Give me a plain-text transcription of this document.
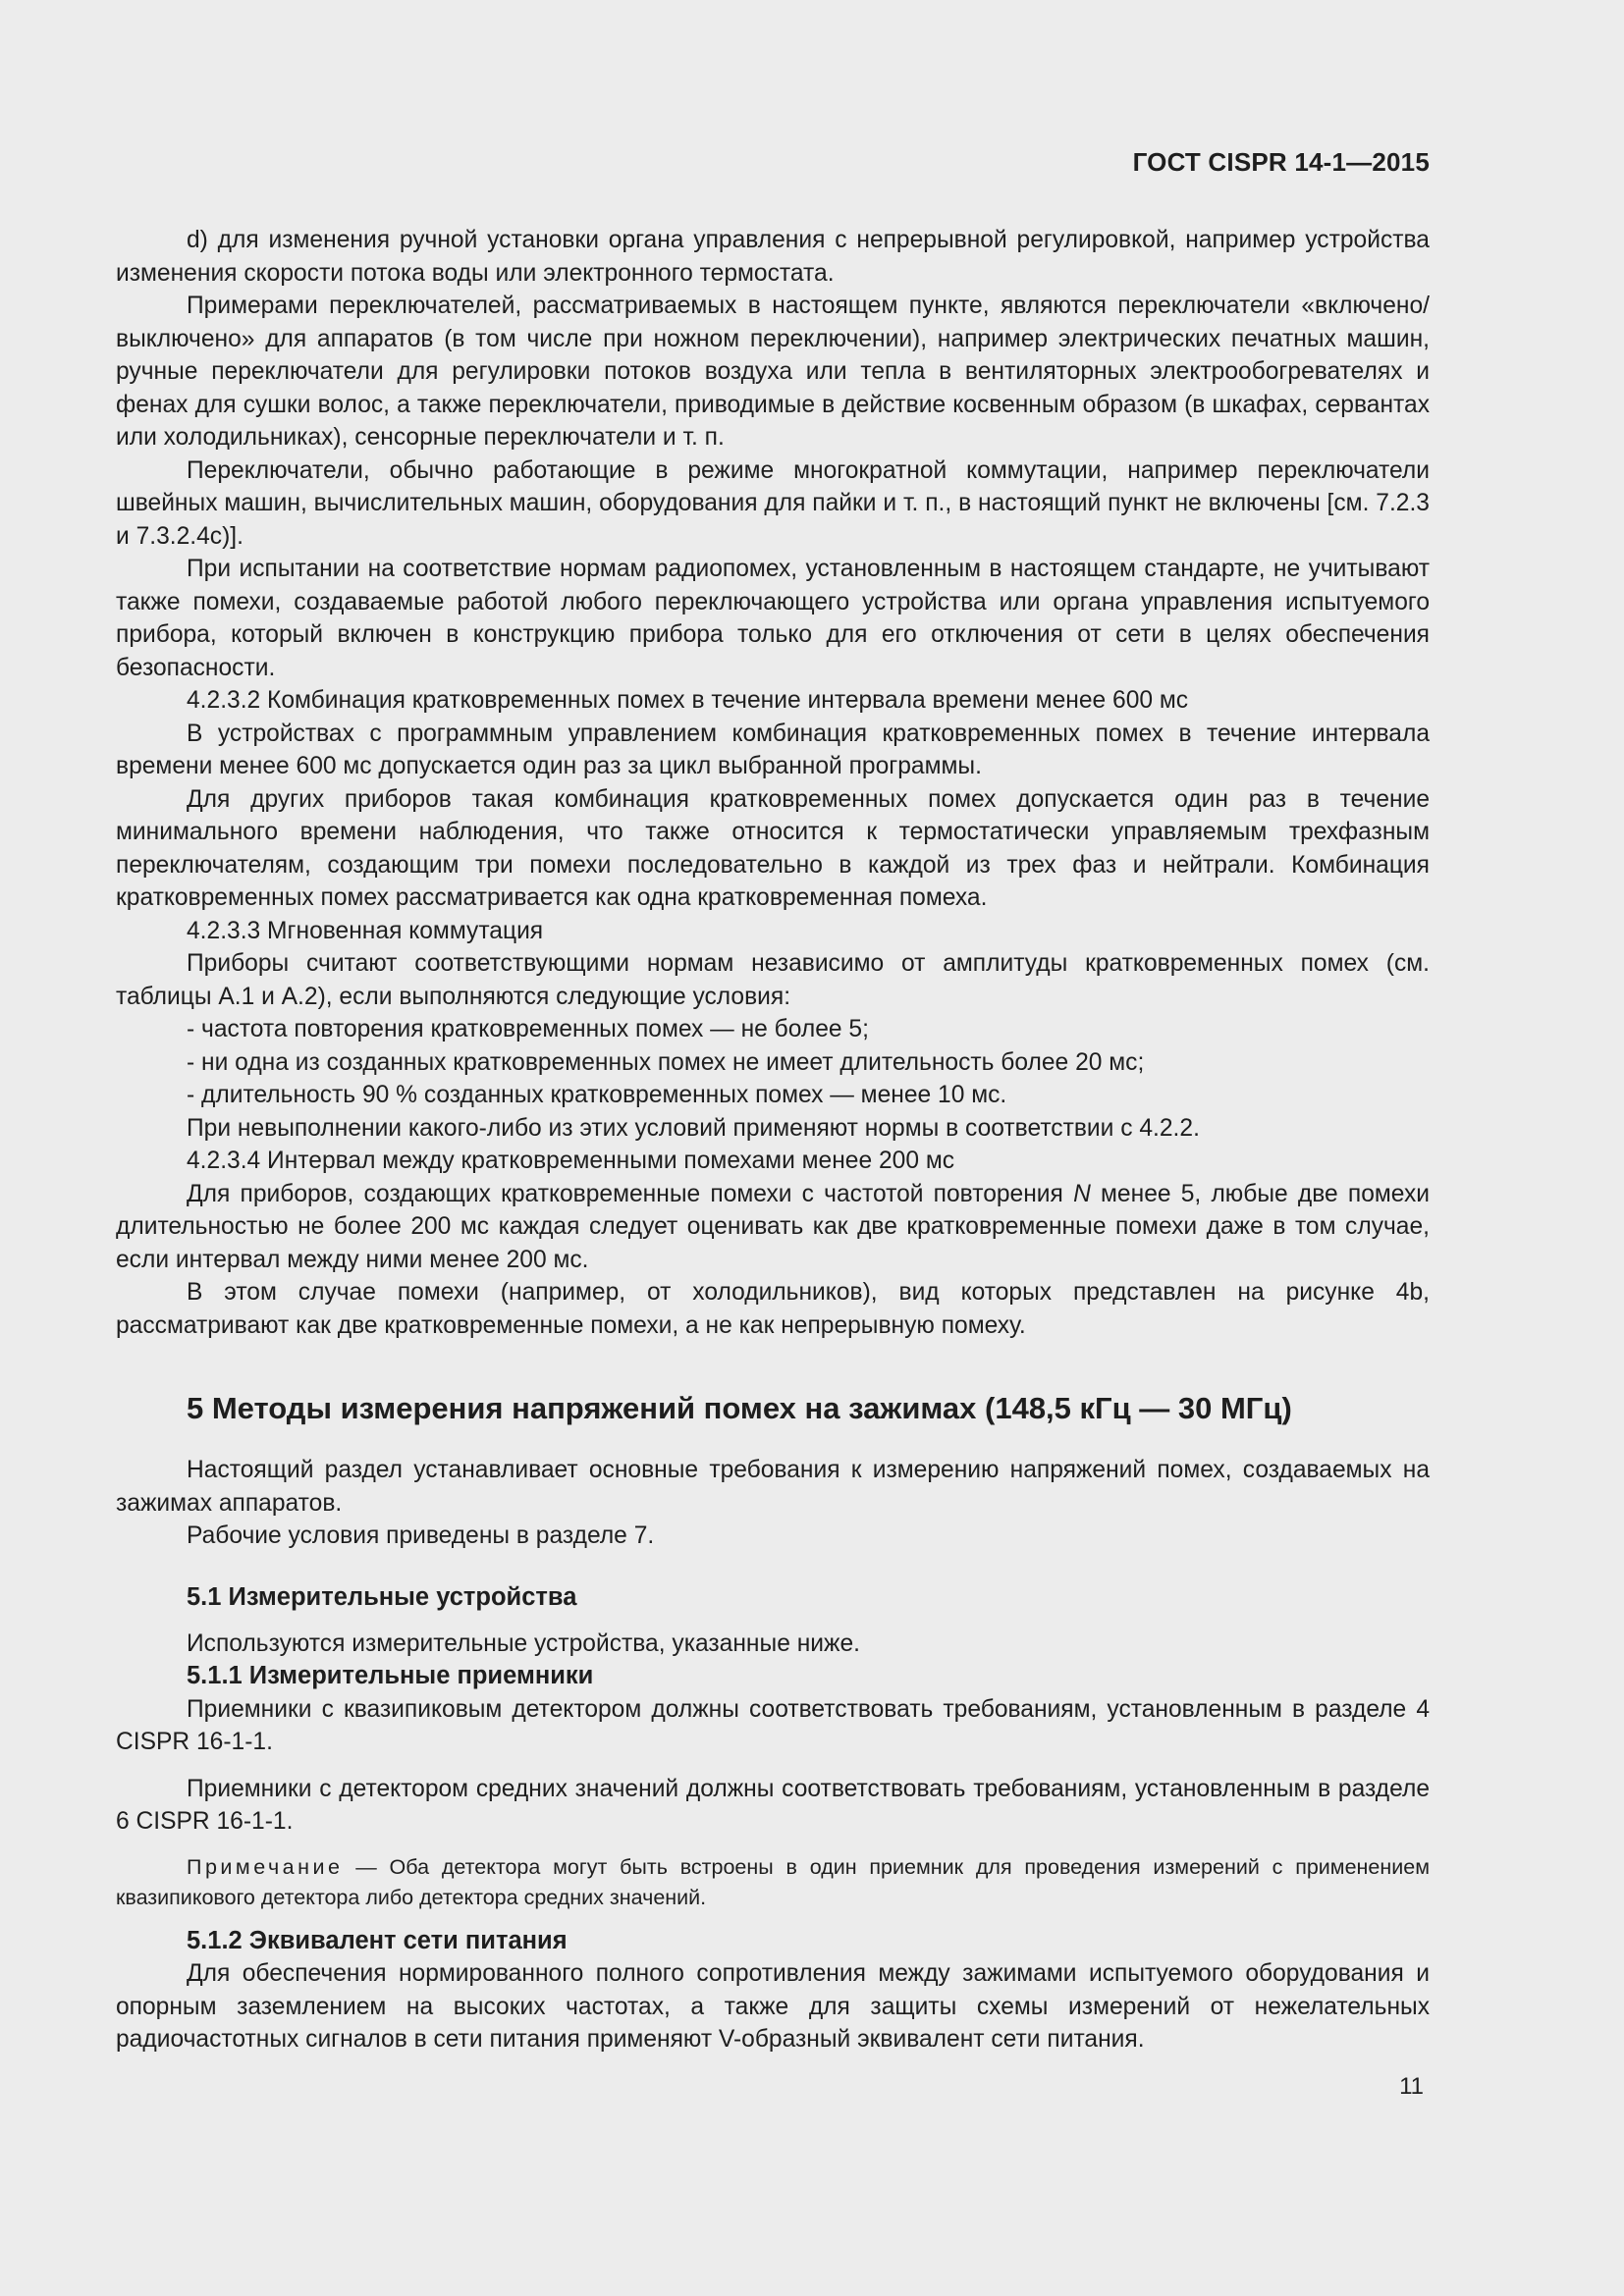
ГОСТ CISPR 14-1—2015

d) для изменения ручной установки органа управления с непрерывной регулировкой, например устройства изменения скорости потока воды или электронного термостата.

Примерами переключателей, рассматриваемых в настоящем пункте, являются переключатели «включено/выключено» для аппаратов (в том числе при ножном переключении), например электрических печатных машин, ручные переключатели для регулировки потоков воздуха или тепла в вентиляторных электрообогревателях и фенах для сушки волос, а также переключатели, приводимые в действие косвенным образом (в шкафах, сервантах или холодильниках), сенсорные переключатели и т. п.

Переключатели, обычно работающие в режиме многократной коммутации, например переключатели швейных машин, вычислительных машин, оборудования для пайки и т. п., в настоящий пункт не включены [см. 7.2.3 и 7.3.2.4c)].

При испытании на соответствие нормам радиопомех, установленным в настоящем стандарте, не учитывают также помехи, создаваемые работой любого переключающего устройства или органа управления испытуемого прибора, который включен в конструкцию прибора только для его отключения от сети в целях обеспечения безопасности.

4.2.3.2 Комбинация кратковременных помех в течение интервала времени менее 600 мс

В устройствах с программным управлением комбинация кратковременных помех в течение интервала времени менее 600 мс допускается один раз за цикл выбранной программы.

Для других приборов такая комбинация кратковременных помех допускается один раз в течение минимального времени наблюдения, что также относится к термостатически управляемым трехфазным переключателям, создающим три помехи последовательно в каждой из трех фаз и нейтрали. Комбинация кратковременных помех рассматривается как одна кратковременная помеха.

4.2.3.3 Мгновенная коммутация

Приборы считают соответствующими нормам независимо от амплитуды кратковременных помех (см. таблицы А.1 и А.2), если выполняются следующие условия:

- частота повторения кратковременных помех — не более 5;

- ни одна из созданных кратковременных помех не имеет длительность более 20 мс;

- длительность 90 % созданных кратковременных помех — менее 10 мс.

При невыполнении какого-либо из этих условий применяют нормы в соответствии с 4.2.2.

4.2.3.4 Интервал между кратковременными помехами менее 200 мс

Для приборов, создающих кратковременные помехи с частотой повторения N менее 5, любые две помехи длительностью не более 200 мс каждая следует оценивать как две кратковременные помехи даже в том случае, если интервал между ними менее 200 мс.

В этом случае помехи (например, от холодильников), вид которых представлен на рисунке 4b, рассматривают как две кратковременные помехи, а не как непрерывную помеху.

5 Методы измерения напряжений помех на зажимах (148,5 кГц — 30 МГц)

Настоящий раздел устанавливает основные требования к измерению напряжений помех, создаваемых на зажимах аппаратов.

Рабочие условия приведены в разделе 7.

5.1 Измерительные устройства

Используются измерительные устройства, указанные ниже.

5.1.1 Измерительные приемники

Приемники с квазипиковым детектором должны соответствовать требованиям, установленным в разделе 4 CISPR 16-1-1.

Приемники с детектором средних значений должны соответствовать требованиям, установленным в разделе 6 CISPR 16-1-1.

Примечание — Оба детектора могут быть встроены в один приемник для проведения измерений с применением квазипикового детектора либо детектора средних значений.
5.1.2 Эквивалент сети питания

Для обеспечения нормированного полного сопротивления между зажимами испытуемого оборудования и опорным заземлением на высоких частотах, а также для защиты схемы измерений от нежелательных радиочастотных сигналов в сети питания применяют V-образный эквивалент сети питания.

11
